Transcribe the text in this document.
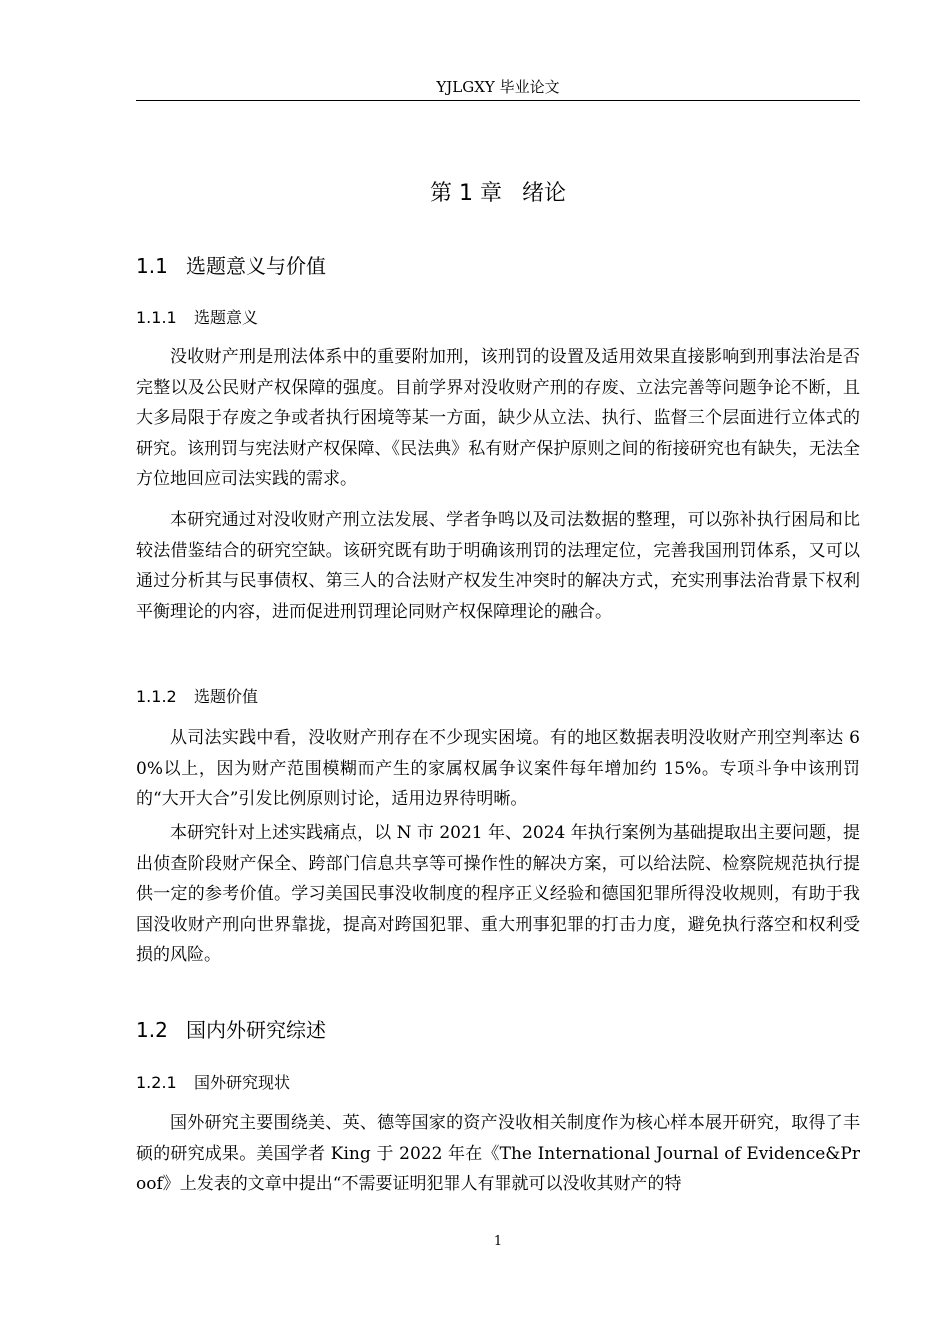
YJLGXY 毕业论文
第 1 章 绪论
1.1 选题意义与价值
1.1.1 选题意义

没收财产刑是刑法体系中的重要附加刑，该刑罚的设置及适用效果直接影响到刑事法治是否完整以及公民财产权保障的强度。目前学界对没收财产刑的存废、立法完善等问题争论不断，且大多局限于存废之争或者执行困境等某一方面，缺少从立法、执行、监督三个层面进行立体式的研究。该刑罚与宪法财产权保障、《民法典》私有财产保护原则之间的衔接研究也有缺失，无法全方位地回应司法实践的需求。

本研究通过对没收财产刑立法发展、学者争鸣以及司法数据的整理，可以弥补执行困局和比较法借鉴结合的研究空缺。该研究既有助于明确该刑罚的法理定位，完善我国刑罚体系，又可以通过分析其与民事债权、第三人的合法财产权发生冲突时的解决方式，充实刑事法治背景下权利平衡理论的内容，进而促进刑罚理论同财产权保障理论的融合。

1.1.2 选题价值

从司法实践中看，没收财产刑存在不少现实困境。有的地区数据表明没收财产刑空判率达 60%以上，因为财产范围模糊而产生的家属权属争议案件每年增加约 15%。专项斗争中该刑罚的“大开大合”引发比例原则讨论，适用边界待明晰。

本研究针对上述实践痛点，以 N 市 2021 年、2024 年执行案例为基础提取出主要问题，提出侦查阶段财产保全、跨部门信息共享等可操作性的解决方案，可以给法院、检察院规范执行提供一定的参考价值。学习美国民事没收制度的程序正义经验和德国犯罪所得没收规则，有助于我国没收财产刑向世界靠拢，提高对跨国犯罪、重大刑事犯罪的打击力度，避免执行落空和权利受损的风险。

1.2 国内外研究综述
1.2.1 国外研究现状

国外研究主要围绕美、英、德等国家的资产没收相关制度作为核心样本展开研究，取得了丰硕的研究成果。美国学者 King 于 2022 年在《The International Journal of Evidence&Proof》上发表的文章中提出“不需要证明犯罪人有罪就可以没收其财产的特

1
